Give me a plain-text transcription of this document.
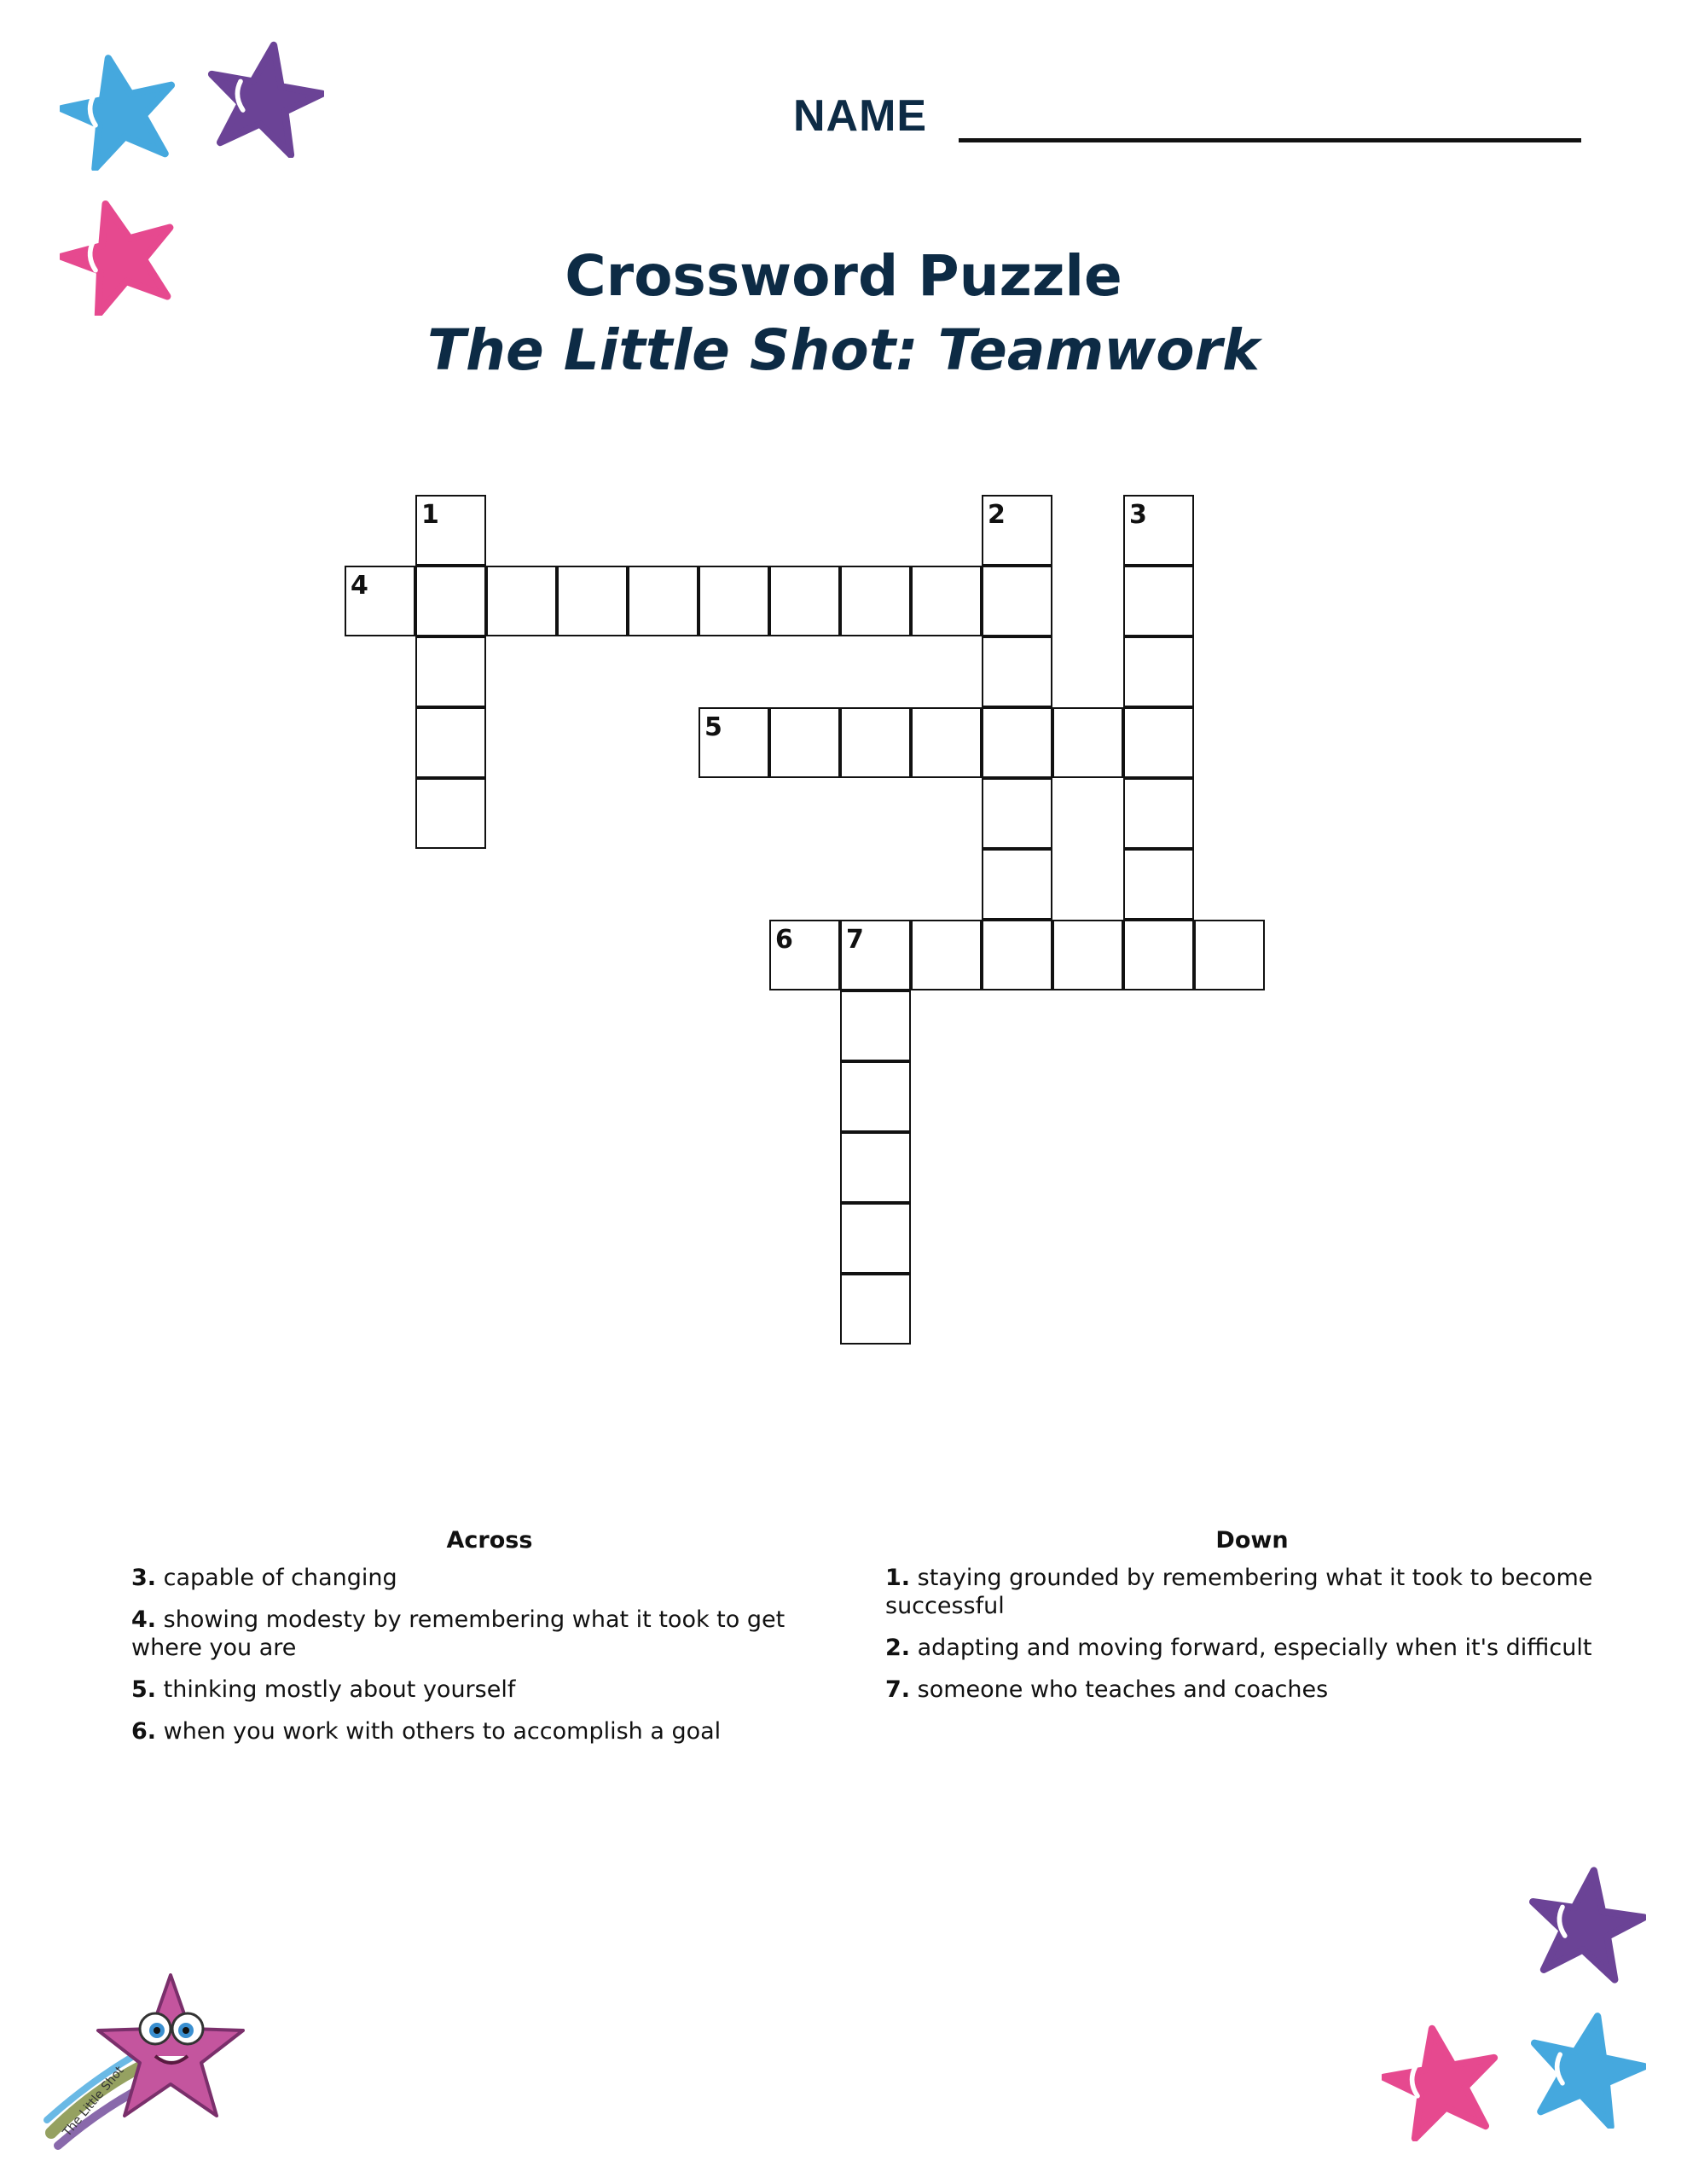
NAME
Crossword Puzzle
The Little Shot: Teamwork
1
4
2	3
5
6 7
Across
3. capable of changing
4. showing modesty by remembering what it took to get where you are
5. thinking mostly about yourself
6. when you work with others to accomplish a goal
Down
1. staying grounded by remembering what it took to become successful
2. adapting and moving forward, especially when it's difficult
7. someone who teaches and coaches
The Little Shot
